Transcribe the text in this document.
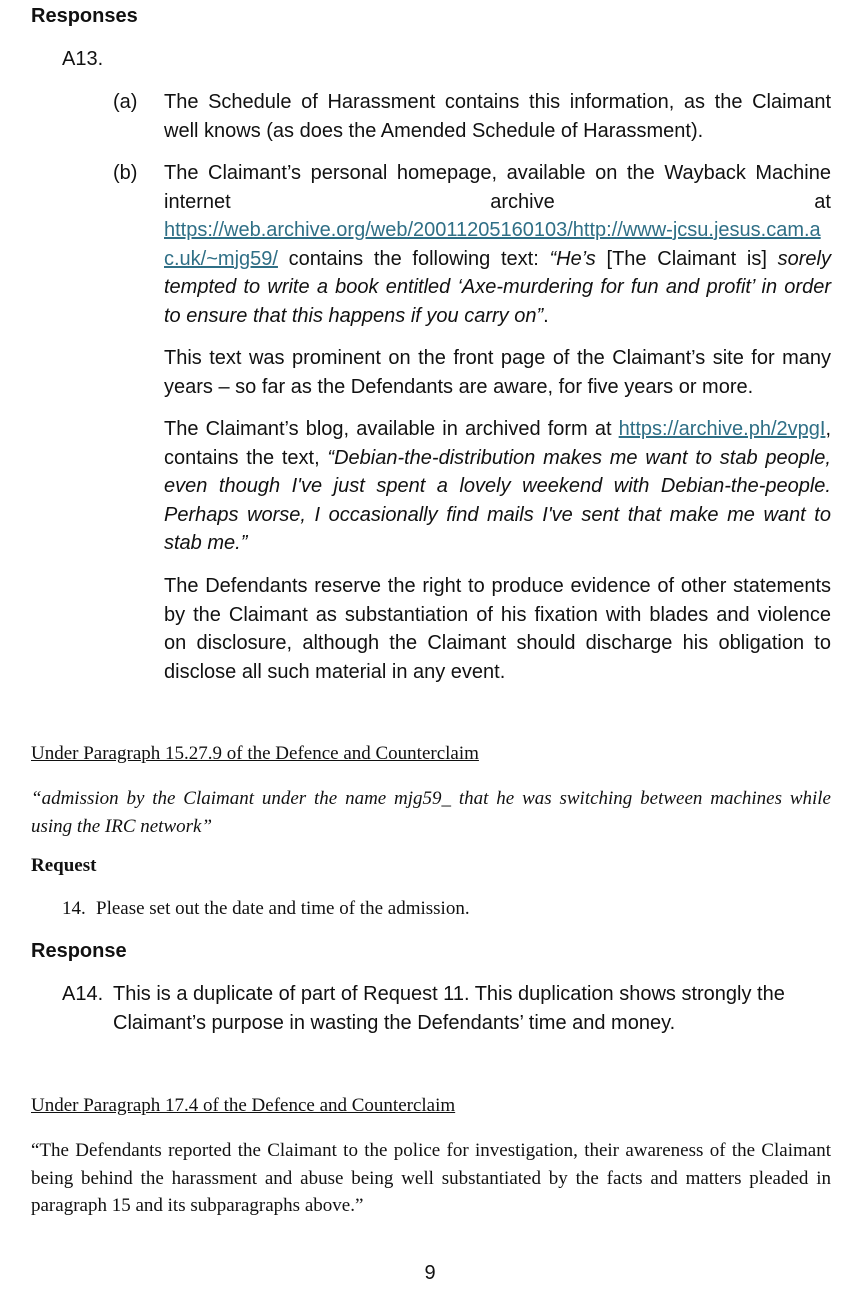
Responses
A13.
(a) The Schedule of Harassment contains this information, as the Claimant well knows (as does the Amended Schedule of Harassment).
(b) The Claimant’s personal homepage, available on the Wayback Machine internet archive at
https://web.archive.org/web/20011205160103/http://www-jcsu.jesus.cam.ac.uk/~mjg59/ contains the following text: “He’s [The Claimant is] sorely tempted to write a book entitled ‘Axe-murdering for fun and profit’ in order to ensure that this happens if you carry on”.
This text was prominent on the front page of the Claimant’s site for many years – so far as the Defendants are aware, for five years or more.
The Claimant’s blog, available in archived form at https://archive.ph/2vpgI, contains the text, “Debian-the-distribution makes me want to stab people, even though I've just spent a lovely weekend with Debian-the-people. Perhaps worse, I occasionally find mails I've sent that make me want to stab me.”
The Defendants reserve the right to produce evidence of other statements by the Claimant as substantiation of his fixation with blades and violence on disclosure, although the Claimant should discharge his obligation to disclose all such material in any event.
Under Paragraph 15.27.9 of the Defence and Counterclaim
“admission by the Claimant under the name mjg59_ that he was switching between machines while using the IRC network”
Request
14. Please set out the date and time of the admission.
Response
A14. This is a duplicate of part of Request 11. This duplication shows strongly the Claimant’s purpose in wasting the Defendants’ time and money.
Under Paragraph 17.4 of the Defence and Counterclaim
“The Defendants reported the Claimant to the police for investigation, their awareness of the Claimant being behind the harassment and abuse being well substantiated by the facts and matters pleaded in paragraph 15 and its subparagraphs above.”
9
